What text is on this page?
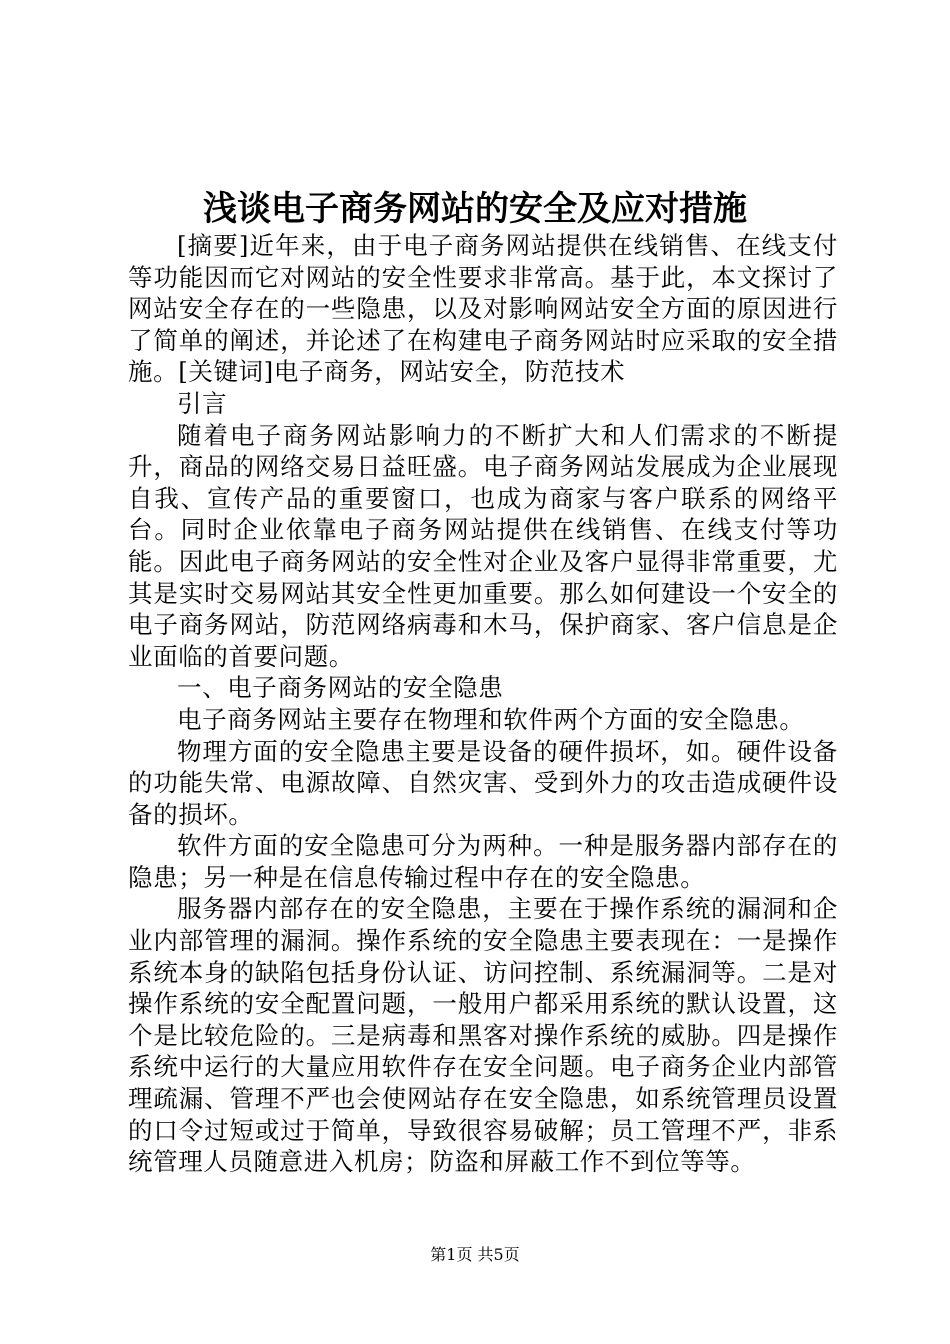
浅谈电子商务网站的安全及应对措施

[摘要]近年来，由于电子商务网站提供在线销售、在线支付等功能因而它对网站的安全性要求非常高。基于此，本文探讨了网站安全存在的一些隐患，以及对影响网站安全方面的原因进行了简单的阐述，并论述了在构建电子商务网站时应采取的安全措施。[关键词]电子商务，网站安全，防范技术

引言

随着电子商务网站影响力的不断扩大和人们需求的不断提升，商品的网络交易日益旺盛。电子商务网站发展成为企业展现自我、宣传产品的重要窗口，也成为商家与客户联系的网络平台。同时企业依靠电子商务网站提供在线销售、在线支付等功能。因此电子商务网站的安全性对企业及客户显得非常重要，尤其是实时交易网站其安全性更加重要。那么如何建设一个安全的电子商务网站，防范网络病毒和木马，保护商家、客户信息是企业面临的首要问题。

一、电子商务网站的安全隐患

电子商务网站主要存在物理和软件两个方面的安全隐患。

物理方面的安全隐患主要是设备的硬件损坏，如。硬件设备的功能失常、电源故障、自然灾害、受到外力的攻击造成硬件设备的损坏。

软件方面的安全隐患可分为两种。一种是服务器内部存在的隐患；另一种是在信息传输过程中存在的安全隐患。

服务器内部存在的安全隐患，主要在于操作系统的漏洞和企业内部管理的漏洞。操作系统的安全隐患主要表现在：一是操作系统本身的缺陷包括身份认证、访问控制、系统漏洞等。二是对操作系统的安全配置问题，一般用户都采用系统的默认设置，这个是比较危险的。三是病毒和黑客对操作系统的威胁。四是操作系统中运行的大量应用软件存在安全问题。电子商务企业内部管理疏漏、管理不严也会使网站存在安全隐患，如系统管理员设置的口令过短或过于简单，导致很容易破解；员工管理不严，非系统管理人员随意进入机房；防盗和屏蔽工作不到位等等。

第1页 共5页
